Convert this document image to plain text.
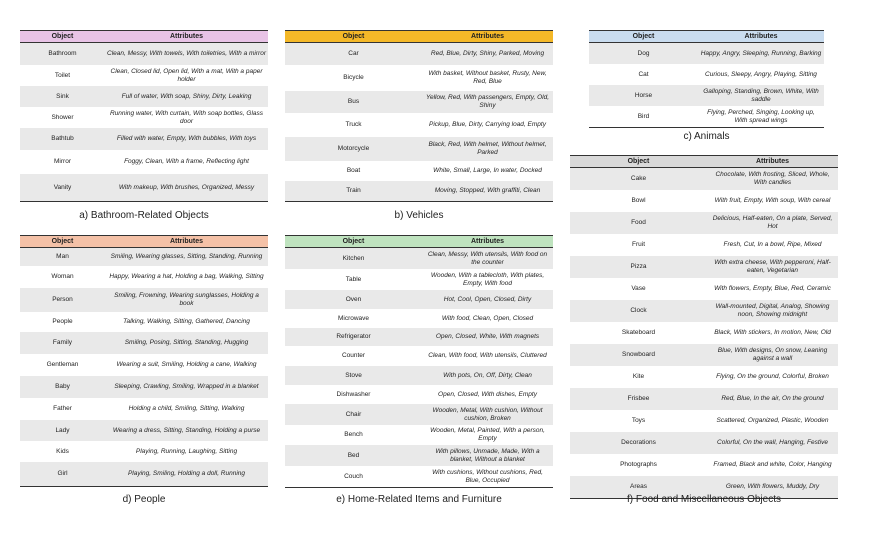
Object	Attributes
Bathroom	Clean, Messy, With towels, With toiletries, With a mirror
Toilet	Clean, Closed lid, Open lid, With a mat, With a paper holder
Sink	Full of water, With soap, Shiny, Dirty, Leaking
Shower	Running water, With curtain, With soap bottles, Glass door
Bathtub	Filled with water, Empty, With bubbles, With toys
Mirror	Foggy, Clean, With a frame, Reflecting light
Vanity	With makeup, With brushes, Organized, Messy
a) Bathroom-Related Objects
Object	Attributes
Car	Red, Blue, Dirty, Shiny, Parked, Moving
Bicycle	With basket, Without basket, Rusty, New, Red, Blue
Bus	Yellow, Red, With passengers, Empty, Old, Shiny
Truck	Pickup, Blue, Dirty, Carrying load, Empty
Motorcycle	Black, Red, With helmet, Without helmet, Parked
Boat	White, Small, Large, In water, Docked
Train	Moving, Stopped, With graffiti, Clean
b) Vehicles
Object	Attributes
Dog	Happy, Angry, Sleeping, Running, Barking
Cat	Curious, Sleepy, Angry, Playing, Sitting
Horse	Galloping, Standing, Brown, White, With saddle
Bird	Flying, Perched, Singing, Looking up, With spread wings
c) Animals
Object	Attributes
Man	Smiling, Wearing glasses, Sitting, Standing, Running
Woman	Happy, Wearing a hat, Holding a bag, Walking, Sitting
Person	Smiling, Frowning, Wearing sunglasses, Holding a book
People	Talking, Walking, Sitting, Gathered, Dancing
Family	Smiling, Posing, Sitting, Standing, Hugging
Gentleman	Wearing a suit, Smiling, Holding a cane, Walking
Baby	Sleeping, Crawling, Smiling, Wrapped in a blanket
Father	Holding a child, Smiling, Sitting, Walking
Lady	Wearing a dress, Sitting, Standing, Holding a purse
Kids	Playing, Running, Laughing, Sitting
Girl	Playing, Smiling, Holding a doll, Running
d) People
Object	Attributes
Kitchen	Clean, Messy, With utensils, With food on the counter
Table	Wooden, With a tablecloth, With plates, Empty, With food
Oven	Hot, Cool, Open, Closed, Dirty
Microwave	With food, Clean, Open, Closed
Refrigerator	Open, Closed, White, With magnets
Counter	Clean, With food, With utensils, Cluttered
Stove	With pots, On, Off, Dirty, Clean
Dishwasher	Open, Closed, With dishes, Empty
Chair	Wooden, Metal, With cushion, Without cushion, Broken
Bench	Wooden, Metal, Painted, With a person, Empty
Bed	With pillows, Unmade, Made, With a blanket, Without a blanket
Couch	With cushions, Without cushions, Red, Blue, Occupied
e) Home-Related Items and Furniture
Object	Attributes
Cake	Chocolate, With frosting, Sliced, Whole, With candles
Bowl	With fruit, Empty, With soup, With cereal
Food	Delicious, Half-eaten, On a plate, Served, Hot
Fruit	Fresh, Cut, In a bowl, Ripe, Mixed
Pizza	With extra cheese, With pepperoni, Half-eaten, Vegetarian
Vase	With flowers, Empty, Blue, Red, Ceramic
Clock	Wall-mounted, Digital, Analog, Showing noon, Showing midnight
Skateboard	Black, With stickers, In motion, New, Old
Snowboard	Blue, With designs, On snow, Leaning against a wall
Kite	Flying, On the ground, Colorful, Broken
Frisbee	Red, Blue, In the air, On the ground
Toys	Scattered, Organized, Plastic, Wooden
Decorations	Colorful, On the wall, Hanging, Festive
Photographs	Framed, Black and white, Color, Hanging
Areas	Green, With flowers, Muddy, Dry
f) Food and Miscellaneous Objects
